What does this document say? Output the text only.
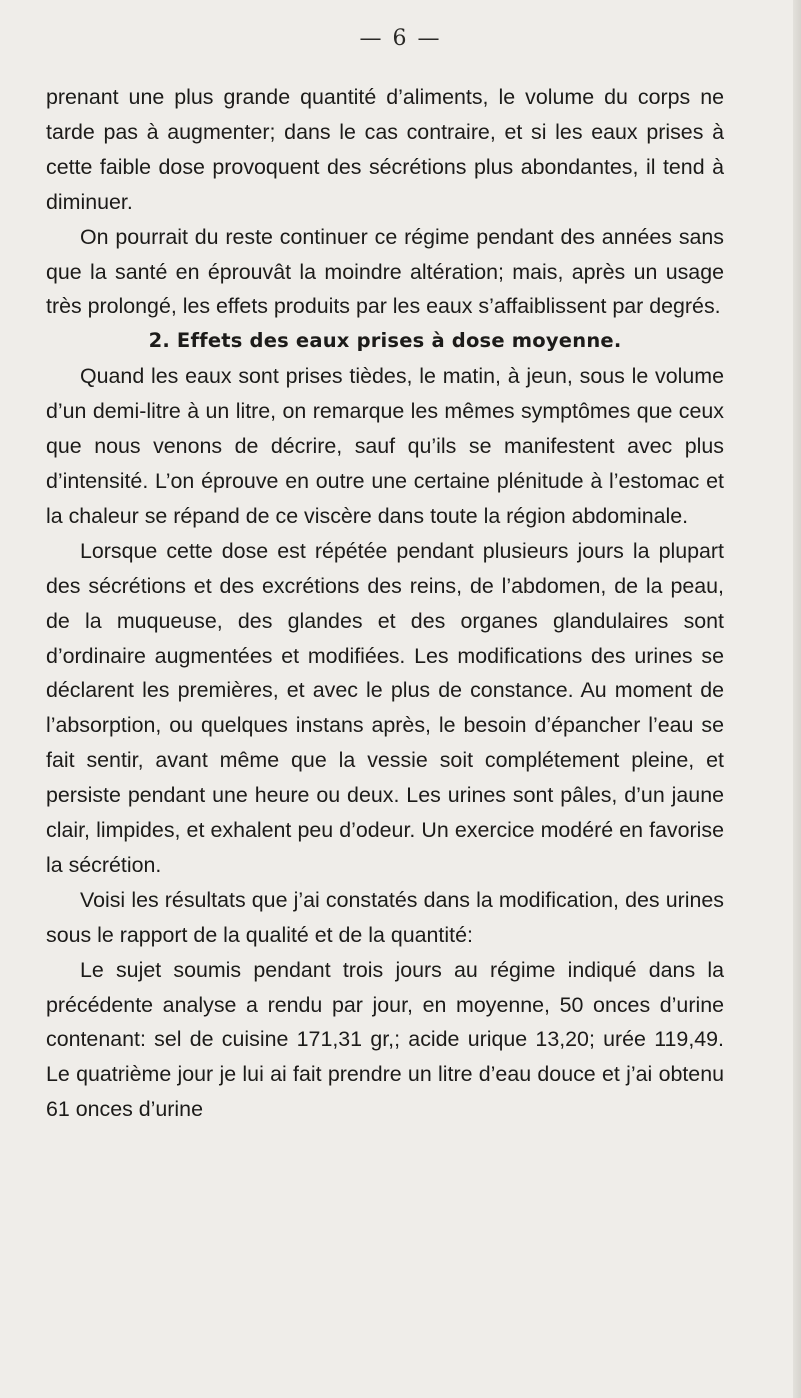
— 6 —

prenant une plus grande quantité d’aliments, le volume du corps ne tarde pas à augmenter; dans le cas contraire, et si les eaux prises à cette faible dose provoquent des sécrétions plus abondantes, il tend à diminuer.

On pourrait du reste continuer ce régime pendant des années sans que la santé en éprouvât la moindre altération; mais, après un usage très prolongé, les effets produits par les eaux s’affaiblissent par degrés.

2. Effets des eaux prises à dose moyenne.

Quand les eaux sont prises tièdes, le matin, à jeun, sous le volume d’un demi-litre à un litre, on remarque les mêmes symptômes que ceux que nous venons de décrire, sauf qu’ils se manifestent avec plus d’intensité. L’on éprouve en outre une certaine plénitude à l’estomac et la chaleur se répand de ce viscère dans toute la région abdominale.

Lorsque cette dose est répétée pendant plusieurs jours la plupart des sécrétions et des excrétions des reins, de l’abdomen, de la peau, de la muqueuse, des glandes et des organes glandulaires sont d’ordinaire augmentées et modifiées. Les modifications des urines se déclarent les premières, et avec le plus de constance. Au moment de l’absorption, ou quelques instans après, le besoin d’épancher l’eau se fait sentir, avant même que la vessie soit complétement pleine, et persiste pendant une heure ou deux. Les urines sont pâles, d’un jaune clair, limpides, et exhalent peu d’odeur. Un exercice modéré en favorise la sécrétion.

Voisi les résultats que j’ai constatés dans la modification, des urines sous le rapport de la qualité et de la quantité:

Le sujet soumis pendant trois jours au régime indiqué dans la précédente analyse a rendu par jour, en moyenne, 50 onces d’urine contenant: sel de cuisine 171,31 gr,; acide urique 13,20; urée 119,49. Le quatrième jour je lui ai fait prendre un litre d’eau douce et j’ai obtenu 61 onces d’urine
